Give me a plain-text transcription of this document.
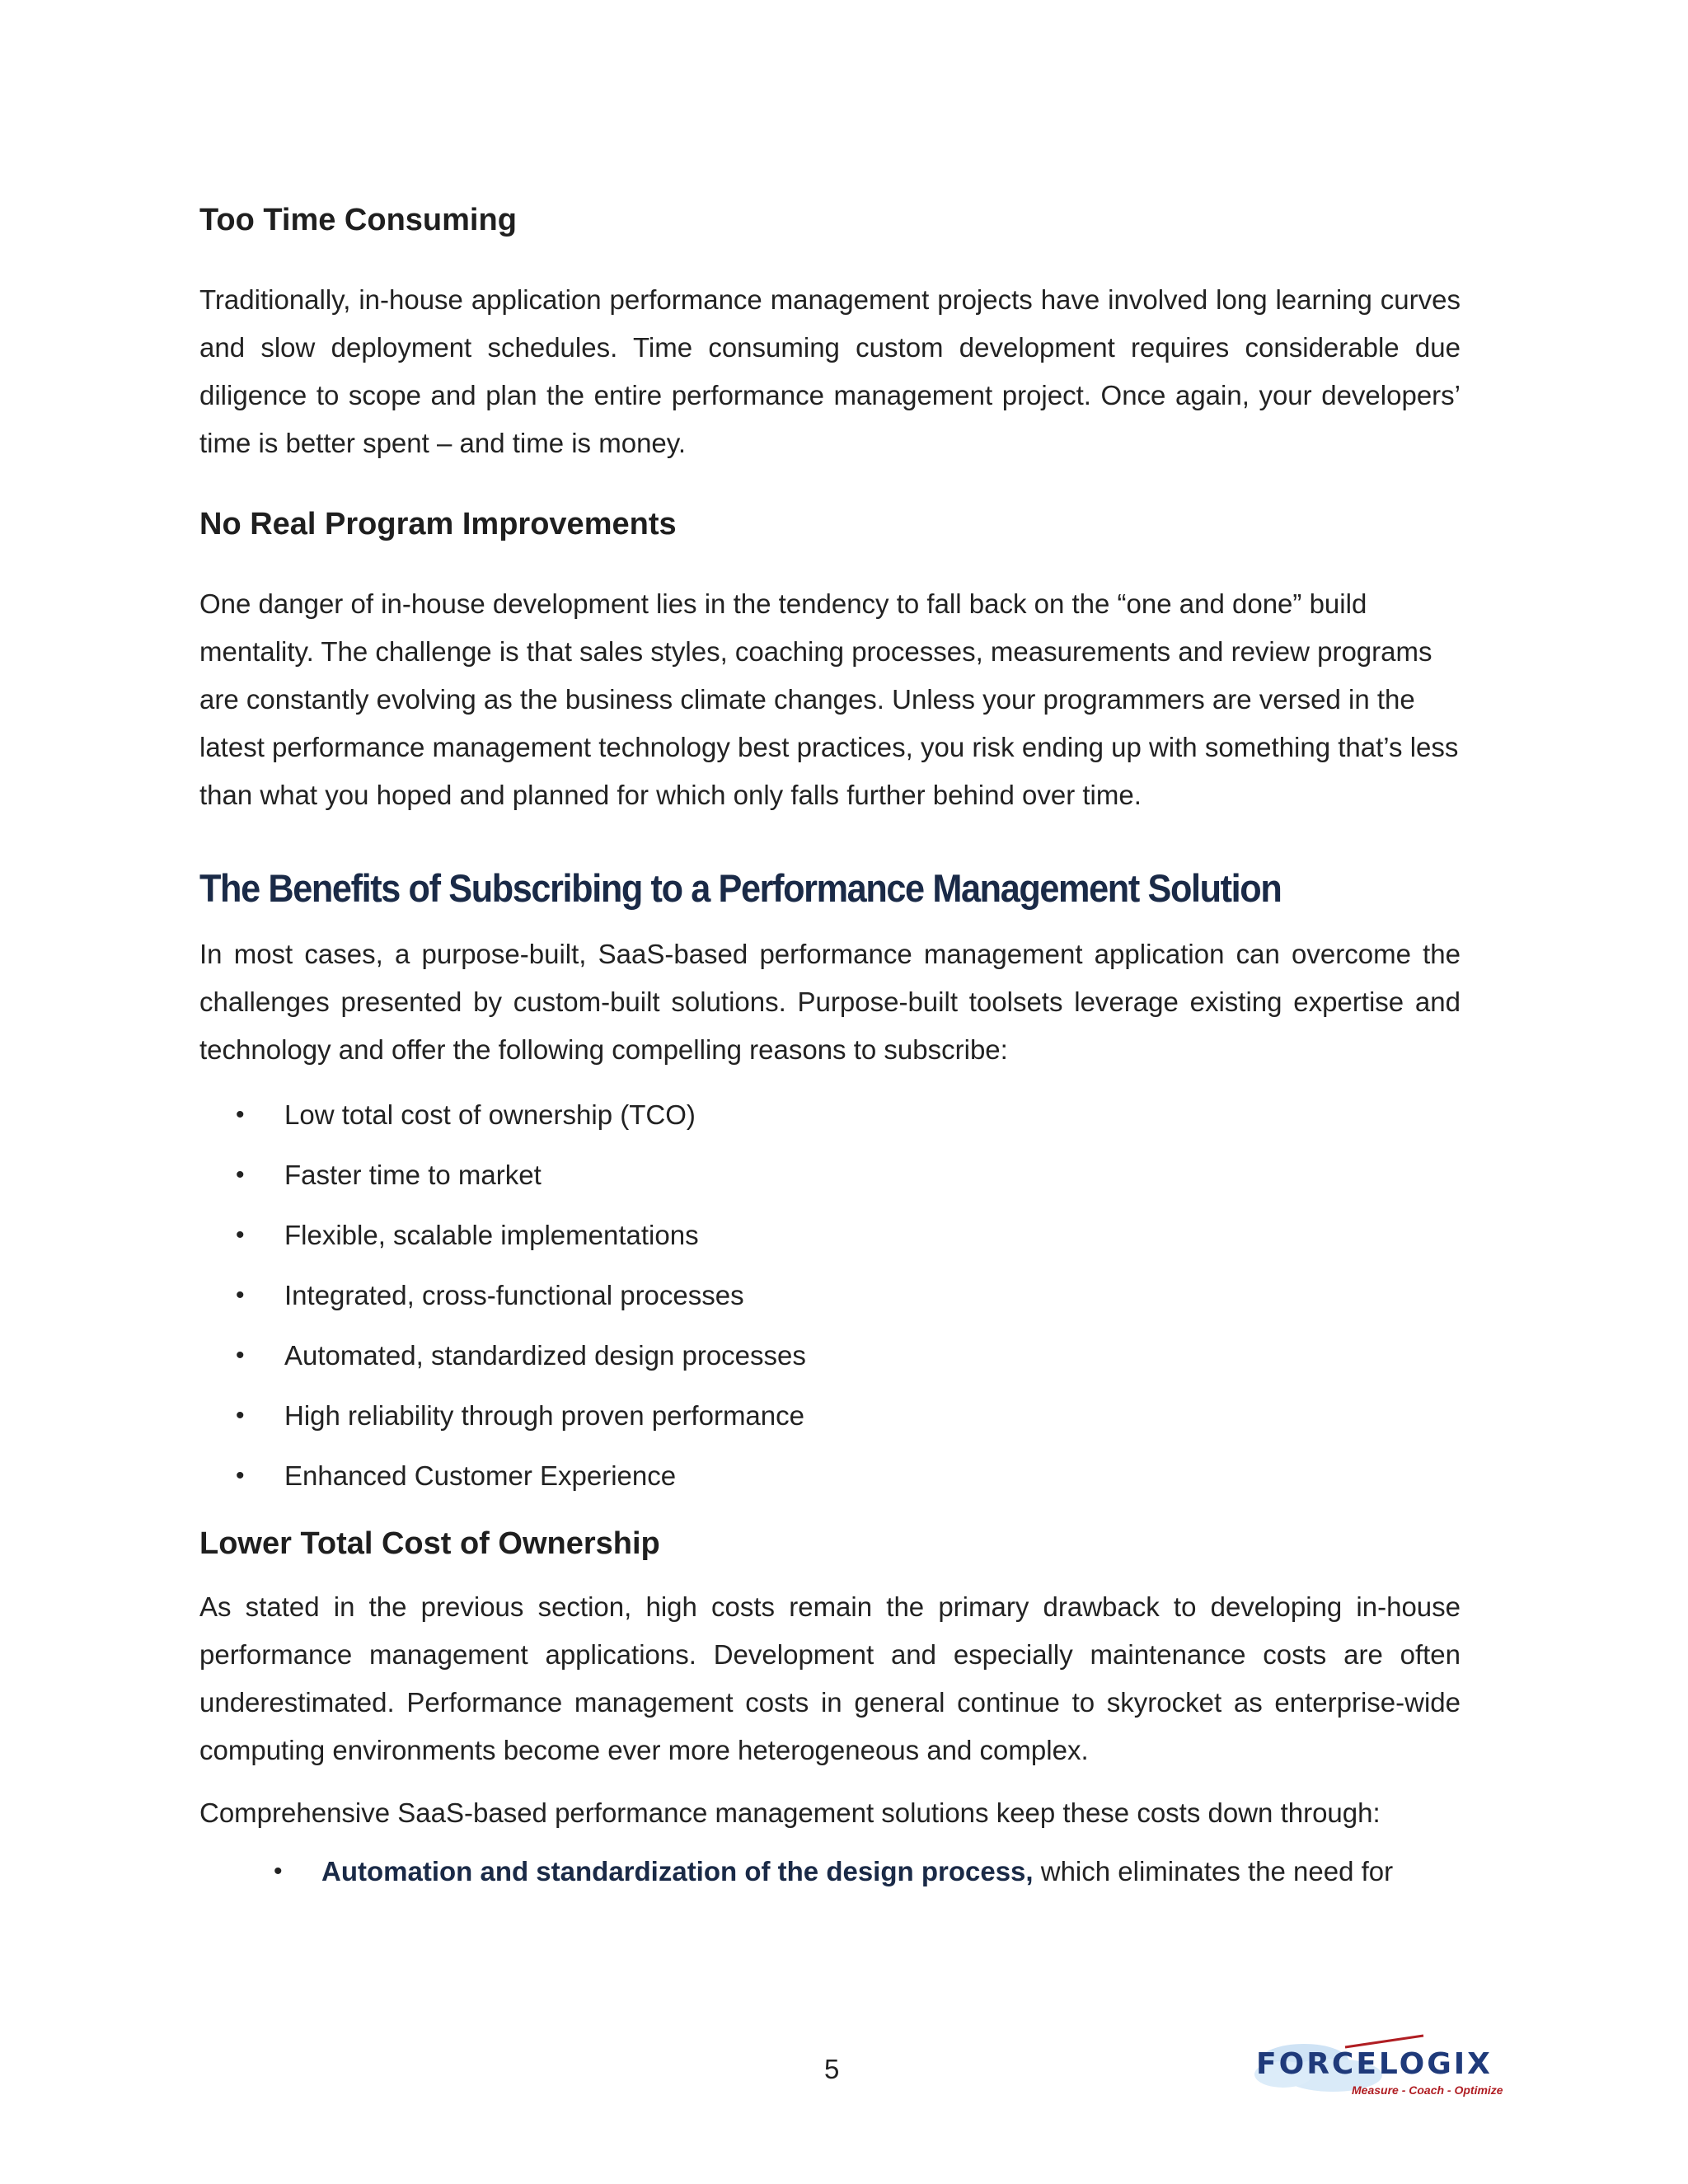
Too Time Consuming

Traditionally, in-house application performance management projects have involved long learning curves and slow deployment schedules. Time consuming custom development requires considerable due diligence to scope and plan the entire performance management project. Once again, your developers’ time is better spent – and time is money.

No Real Program Improvements

One danger of in-house development lies in the tendency to fall back on the “one and done” build mentality. The challenge is that sales styles, coaching processes, measurements and review programs are constantly evolving as the business climate changes. Unless your programmers are versed in the latest performance management technology best practices, you risk ending up with something that’s less than what you hoped and planned for which only falls further behind over time.

The Benefits of Subscribing to a Performance Management Solution

In most cases, a purpose-built, SaaS-based performance management application can overcome the challenges presented by custom-built solutions. Purpose-built toolsets leverage existing expertise and technology and offer the following compelling reasons to subscribe:

• Low total cost of ownership (TCO)
• Faster time to market
• Flexible, scalable implementations
• Integrated, cross-functional processes
• Automated, standardized design processes
• High reliability through proven performance
• Enhanced Customer Experience
Lower Total Cost of Ownership

As stated in the previous section, high costs remain the primary drawback to developing in-house performance management applications. Development and especially maintenance costs are often underestimated. Performance management costs in general continue to skyrocket as enterprise-wide computing environments become ever more heterogeneous and complex.

Comprehensive SaaS-based performance management solutions keep these costs down through:

• Automation and standardization of the design process, which eliminates the need for
5	FORCELOGIX
Measure - Coach - Optimize
